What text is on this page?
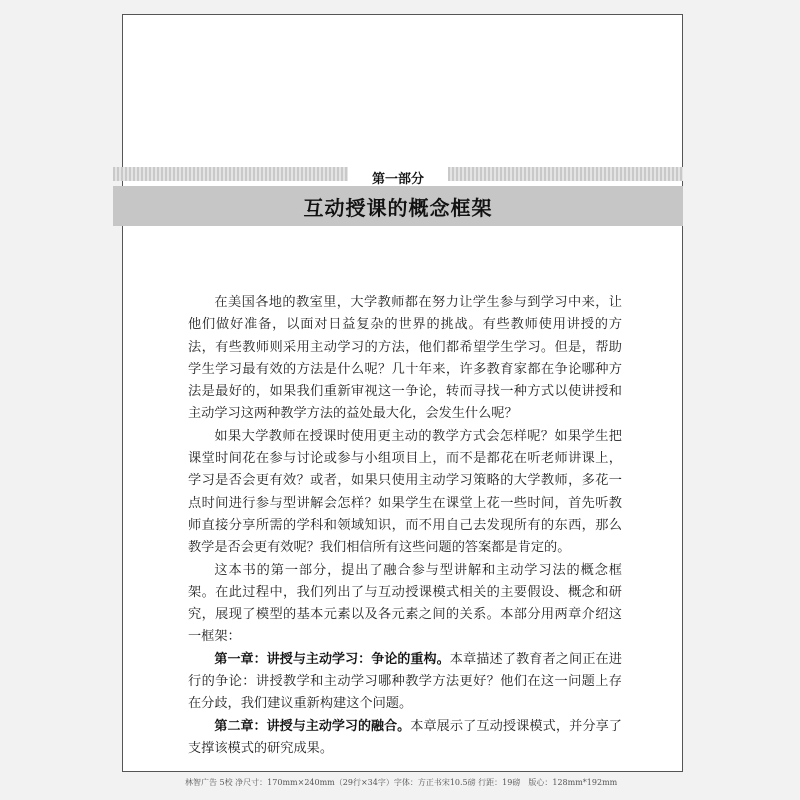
第一部分
互动授课的概念框架

在美国各地的教室里，大学教师都在努力让学生参与到学习中来，让他们做好准备，以面对日益复杂的世界的挑战。有些教师使用讲授的方法，有些教师则采用主动学习的方法，他们都希望学生学习。但是，帮助学生学习最有效的方法是什么呢？几十年来，许多教育家都在争论哪种方法是最好的，如果我们重新审视这一争论，转而寻找一种方式以使讲授和主动学习这两种教学方法的益处最大化，会发生什么呢？

如果大学教师在授课时使用更主动的教学方式会怎样呢？如果学生把课堂时间花在参与讨论或参与小组项目上，而不是都花在听老师讲课上，学习是否会更有效？或者，如果只使用主动学习策略的大学教师，多花一点时间进行参与型讲解会怎样？如果学生在课堂上花一些时间，首先听教师直接分享所需的学科和领域知识，而不用自己去发现所有的东西，那么教学是否会更有效呢？我们相信所有这些问题的答案都是肯定的。

这本书的第一部分，提出了融合参与型讲解和主动学习法的概念框架。在此过程中，我们列出了与互动授课模式相关的主要假设、概念和研究，展现了模型的基本元素以及各元素之间的关系。本部分用两章介绍这一框架：

第一章：讲授与主动学习：争论的重构。本章描述了教育者之间正在进行的争论：讲授教学和主动学习哪种教学方法更好？他们在这一问题上存在分歧，我们建议重新构建这个问题。

第二章：讲授与主动学习的融合。本章展示了互动授课模式，并分享了支撑该模式的研究成果。

林智广告 5校 净尺寸：170mm×240mm（29行×34字）字体：方正书宋10.5磅 行距：19磅　版心：128mm*192mm
